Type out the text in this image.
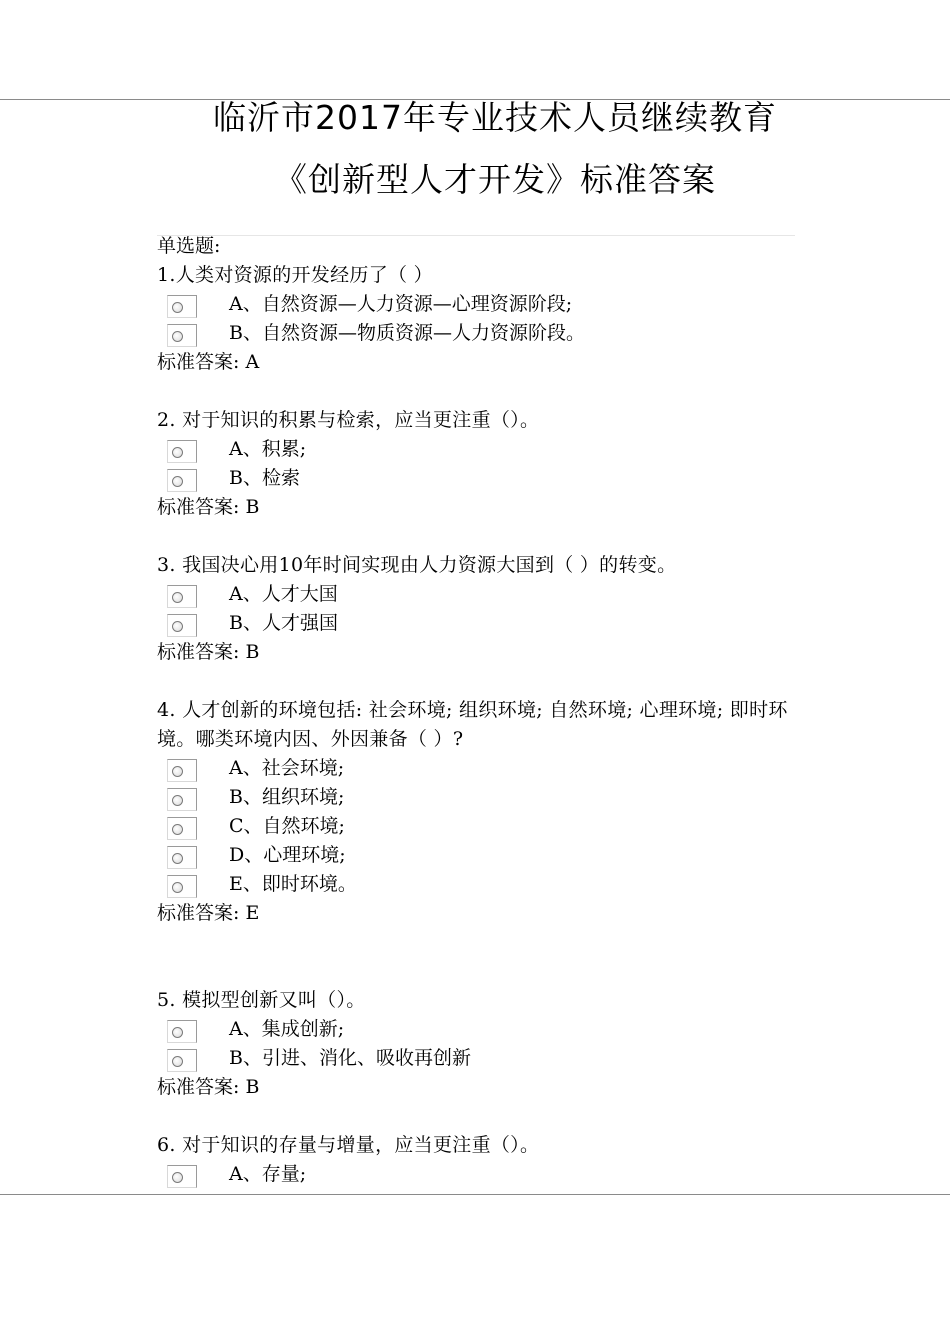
临沂市2017年专业技术人员继续教育
《创新型人才开发》标准答案
单选题:
1.人类对资源的开发经历了（ ）
A、自然资源—人力资源—心理资源阶段;
B、自然资源—物质资源—人力资源阶段。
标准答案: A
2. 对于知识的积累与检索，应当更注重（）。
A、积累;
B、检索
标准答案: B
3. 我国决心用10年时间实现由人力资源大国到（ ）的转变。
A、人才大国
B、人才强国
标准答案: B
4. 人才创新的环境包括: 社会环境; 组织环境; 自然环境; 心理环境; 即时环境。哪类环境内因、外因兼备（ ）?
A、社会环境;
B、组织环境;
C、自然环境;
D、心理环境;
E、即时环境。
标准答案: E
5. 模拟型创新又叫（）。
A、集成创新;
B、引进、消化、吸收再创新
标准答案: B
6. 对于知识的存量与增量，应当更注重（）。
A、存量;
